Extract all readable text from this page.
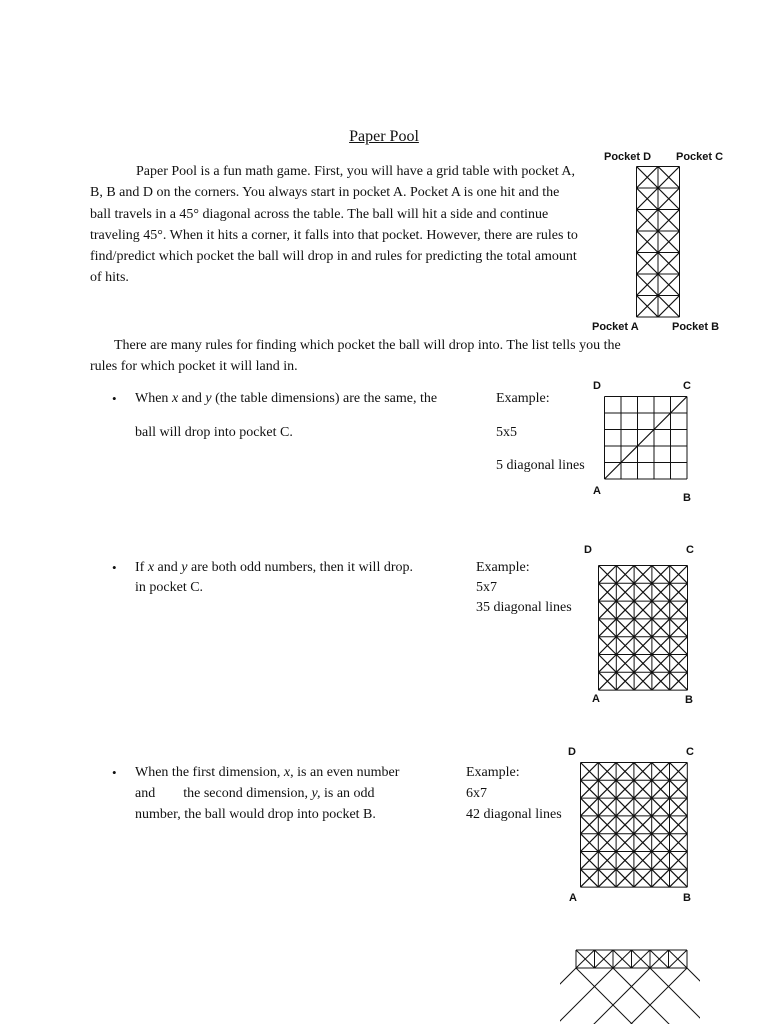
Paper Pool
Paper Pool is a fun math game. First, you will have a grid table with pocket A,
B, B and D on the corners. You always start in pocket A. Pocket A is one hit and the
ball travels in a 45° diagonal across the table. The ball will hit a side and continue
traveling 45°. When it hits a corner, it falls into that pocket. However, there are rules to
find/predict which pocket the ball will drop in and rules for predicting the total amount
of hits.
Pocket D Pocket C
Pocket A	Pocket B
There are many rules for finding which pocket the ball will drop into. The list tells you the
rules for which pocket it will land in.
• When x and y (the table dimensions) are the same, the
ball will drop into pocket C.
Example:
5x5
5 diagonal lines
D	C
A
B
• If x and y are both odd numbers, then it will drop.
in pocket C.
Example:
5x7
35 diagonal lines
D	C
A	B
• When the first dimension, x, is an even number
and the second dimension, y, is an odd
number, the ball would drop into pocket B.
Example:
6x7
42 diagonal lines
D	C
A	B
